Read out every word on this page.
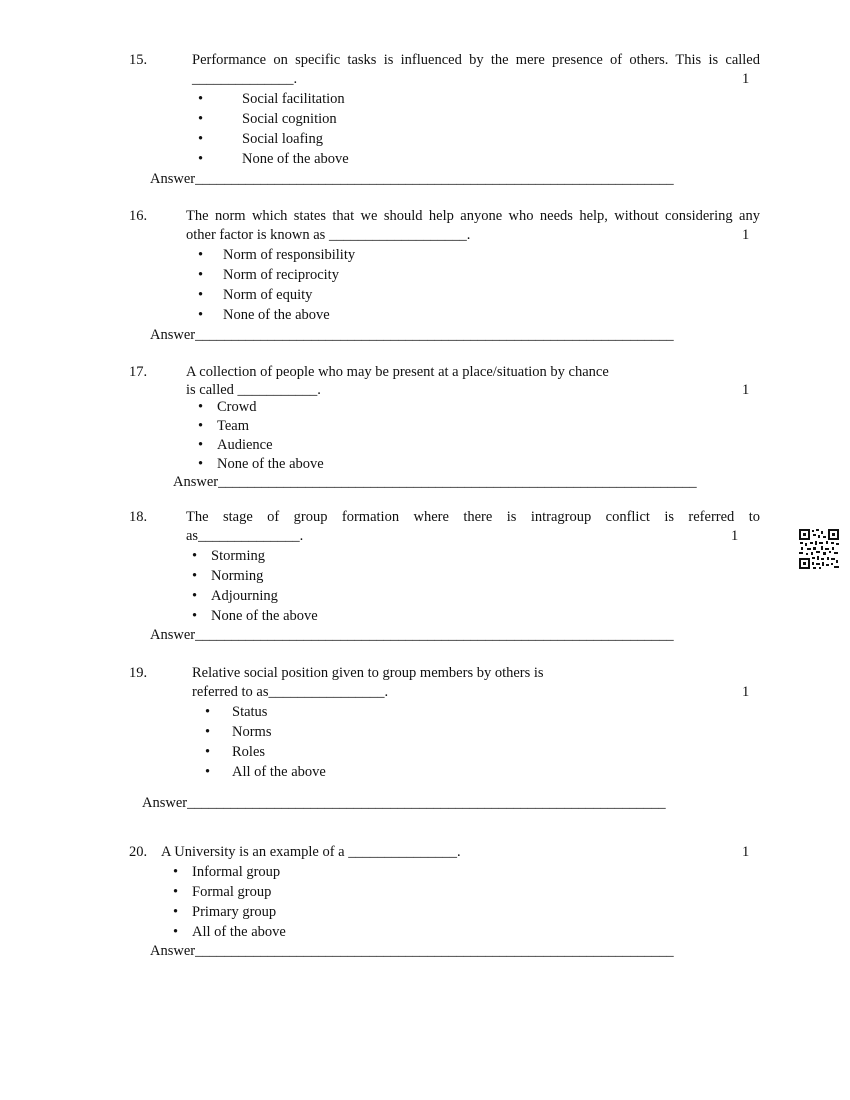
15.	Performance on specific tasks is influenced by the mere presence of others. This is called
______________.	1
•	Social facilitation
•	Social cognition
•	Social loafing
•	None of the above
Answer__________________________________________________________________
16.	The norm which states that we should help anyone who needs help, without considering any
other factor is known as ___________________.	1
• Norm of responsibility
• Norm of reciprocity
• Norm of equity
• None of the above
Answer__________________________________________________________________
17.	A collection of people who may be present at a place/situation by chance
is called ___________.	1
• Crowd
• Team
• Audience
• None of the above
Answer__________________________________________________________________
18.	The stage of group formation where there is intragroup conflict is referred to
as______________.	1
• Storming
• Norming
• Adjourning
• None of the above
Answer__________________________________________________________________
19.	Relative social position given to group members by others is
referred to as________________.	1
• Status
• Norms
• Roles
• All of the above
Answer__________________________________________________________________
20. A University is an example of a _______________.	1
• Informal group
• Formal group
• Primary group
• All of the above
Answer__________________________________________________________________
